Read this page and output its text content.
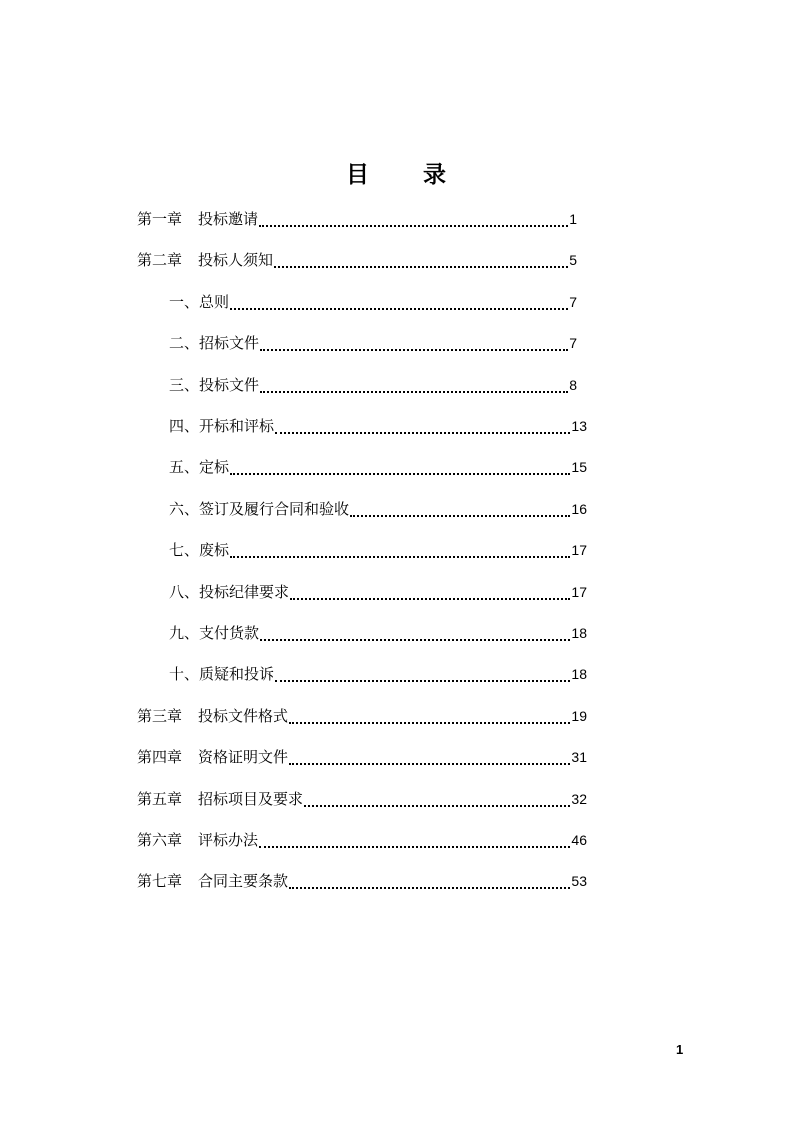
目 录
第一章 投标邀请	1
第二章 投标人须知	5
一、总则	7
二、招标文件	7
三、投标文件	8
四、开标和评标	13
五、定标	15
六、签订及履行合同和验收	16
七、废标	17
八、投标纪律要求	17
九、支付货款	18
十、质疑和投诉	18
第三章 投标文件格式	19
第四章 资格证明文件	31
第五章 招标项目及要求	32
第六章 评标办法	46
第七章 合同主要条款	53
1
